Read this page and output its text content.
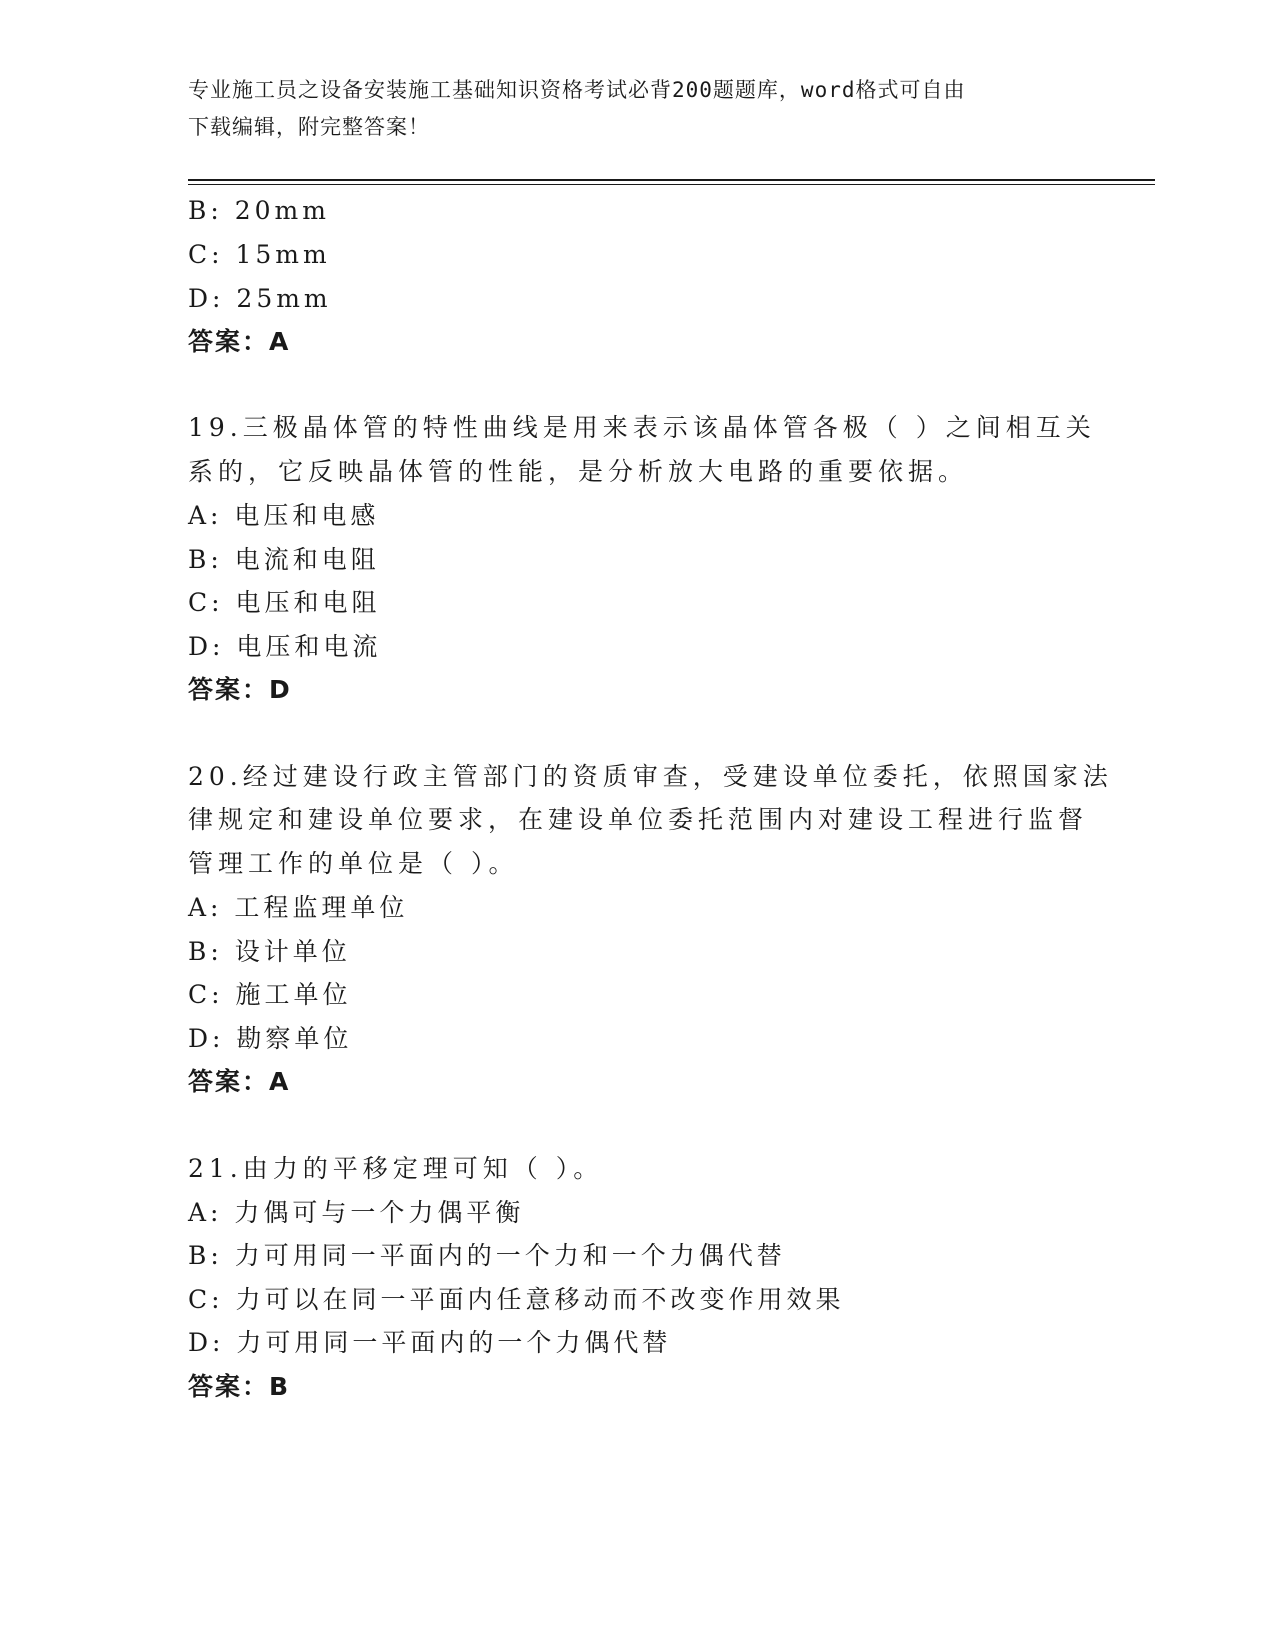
专业施工员之设备安装施工基础知识资格考试必背200题题库，word格式可自由
下载编辑，附完整答案！
B: 20mm
C: 15mm
D: 25mm
答案：A
19.三极晶体管的特性曲线是用来表示该晶体管各极（ ）之间相互关
系的，它反映晶体管的性能，是分析放大电路的重要依据。
A: 电压和电感
B: 电流和电阻
C: 电压和电阻
D: 电压和电流
答案：D
20.经过建设行政主管部门的资质审查，受建设单位委托，依照国家法
律规定和建设单位要求，在建设单位委托范围内对建设工程进行监督
管理工作的单位是（ ）。
A: 工程监理单位
B: 设计单位
C: 施工单位
D: 勘察单位
答案：A
21.由力的平移定理可知（ ）。
A: 力偶可与一个力偶平衡
B: 力可用同一平面内的一个力和一个力偶代替
C: 力可以在同一平面内任意移动而不改变作用效果
D: 力可用同一平面内的一个力偶代替
答案：B
